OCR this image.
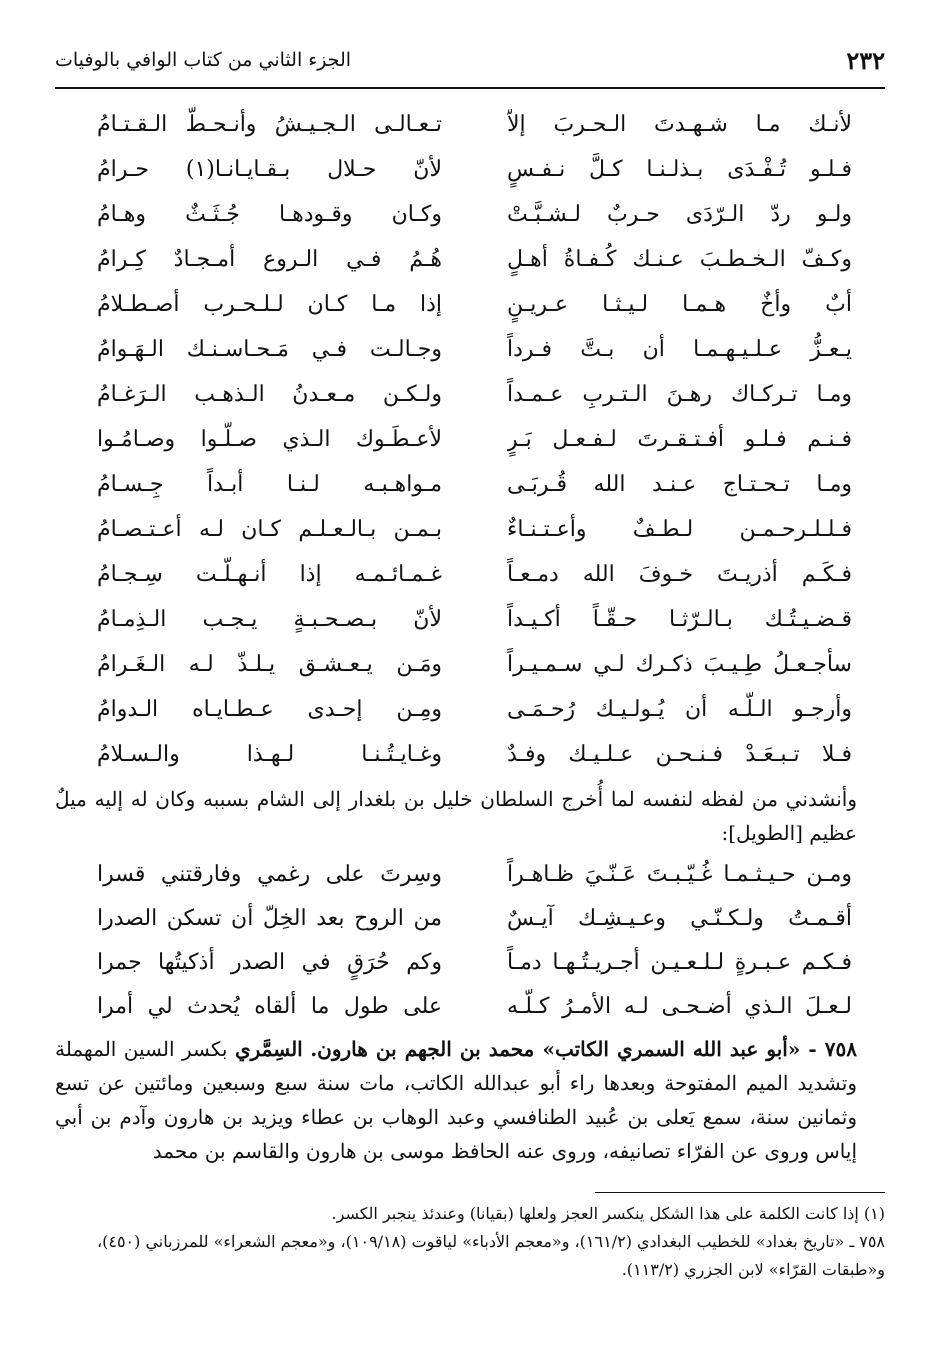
٢٣٢
الجزء الثاني من كتاب الوافي بالوفيات
لأنـك مـا شـهـدتَ الـحـربَ إلاّ
تـعـالـى الـجـيـشُ وأنـحـطّ الـقـتـامُ
فـلـو تُـفْـدَى بـذلـنـا كـلَّ نـفـسٍ
لأنّ حـلال بـقـايـانـا(١) حـرامُ
ولـو ردّ الـرّدَى حـربٌ لـشـبَّـتْ
وكـان وقـودهـا جُـثَـثٌ وهـامُ
وكـفّ الـخـطـبَ عـنـك كُـفـاةُ أهـلٍ
هُـمُ فـي الـروع أمـجـادٌ كِـرامُ
أبٌ وأخٌ هـمـا لـيـثـا عـريـنٍ
إذا مـا كـان لـلـحـرب أصـطـلامُ
يـعـزُّ عـلـيـهـمـا أن بـتَّ فـرداً
وجـالـت فـي مَـحـاسـنـك الـهَـوامُ
ومـا تـركـاك رهـنَ الـتـربِ عـمـداً
ولـكـن مـعـدنُ الـذهـب الـرَغـامُ
فـنـم فـلـو أفـتـقـرتَ لـفـعـل بَـرٍ
لأعـطَـوك الـذي صـلّـوا وصـامُـوا
ومـا تـحـتـاج عـنـد الله قُـربَـى
مـواهـبـه لـنـا أبـداً جِـسـامُ
فـلـلـرحـمـن لـطـفٌ وأعـتـنـاءٌ
بـمـن بـالـعـلـم كـان لـه أعـتـصـامُ
فـكَـم أذريـتَ خـوفَ الله دمـعـاً
غـمـائـمـه إذا أنـهـلّـت سِـجـامُ
قـضـيـتُـك بـالـرّثـا حـقّـاً أكـيـداً
لأنّ بـصـحـبـةٍ يـجـب الـذِمـامُ
سأجـعـلُ طِـيـبَ ذكـرك لـي سـمـيـراً
ومَـن يـعـشـق يـلـذّ لـه الـغَـرامُ
وأرجـو الـلّـه أن يُـولـيـك رُحـمَـى
ومِـن إحـدى عـطـايـاه الـدوامُ
فـلا تـبـعَـدْ فـنـحـن عـلـيـك وفـدٌ
وغـايـتُـنـا لـهـذا والـسـلامُ
وأنشدني من لفظه لنفسه لما أُخرج السلطان خليل بن بلغدار إلى الشام بسببه وكان له إليه ميلٌ عظيم [الطويل]:
ومـن حـيـثـمـا غُـيّـبـتَ عَـنّـيَ ظـاهـراً
وسِرتَ على رغمي وفارقتني قسرا
أقـمـتُ ولـكـنّـي وعـيـشِـك آيـسٌ
من الروح بعد الخِلّ أن تسكن الصدرا
فـكـم عـبـرةٍ لـلـعـيـن أجـريـتُـهـا دمـاً
وكم حُرَقٍ في الصدر أذكيتُها جمرا
لـعـلَ الـذي أضـحـى لـه الأمـرُ كـلّـه
على طول ما ألقاه يُحدث لي أمرا
٧٥٨ - «أبو عبد الله السمري الكاتب» محمد بن الجهم بن هارون. السِمَّري بكسر السين المهملة وتشديد الميم المفتوحة وبعدها راء أبو عبدالله الكاتب، مات سنة سبع وسبعين ومائتين عن تسع وثمانين سنة، سمع يَعلى بن عُبيد الطنافسي وعبد الوهاب بن عطاء ويزيد بن هارون وآدم بن أبي إياس وروى عن الفرّاء تصانيفه، وروى عنه الحافظ موسى بن هارون والقاسم بن محمد

(١) إذا كانت الكلمة على هذا الشكل ينكسر العجز ولعلها (بقيانا) وعندئذ ينجبر الكسر.

٧٥٨ ـ «تاريخ بغداد» للخطيب البغدادي (١٦١/٢)، و«معجم الأدباء» لياقوت (١٠٩/١٨)، و«معجم الشعراء» للمرزباني (٤٥٠)، و«طبقات القرّاء» لابن الجزري (١١٣/٢).
